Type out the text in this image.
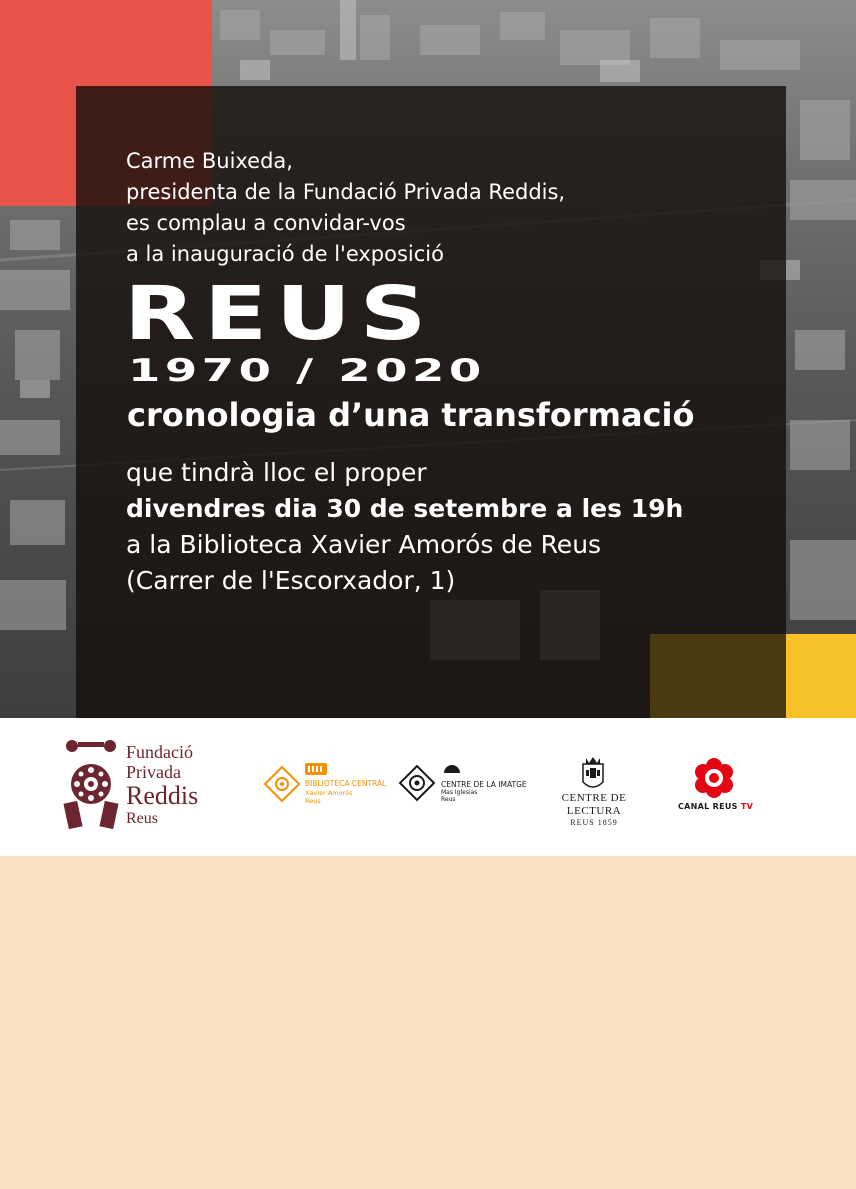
Carme Buixeda,
presidenta de la Fundació Privada Reddis,
es complau a convidar-vos
a la inauguració de l'exposició
REUS
1970 / 2020
cronologia d’una transformació
que tindrà lloc el proper
divendres dia 30 de setembre a les 19h
a la Biblioteca Xavier Amorós de Reus
(Carrer de l'Escorxador, 1)
Fundació
Privada
Reddis
Reus
BIBLIOTECA CENTRAL
Xavier Amorós
Reus
CENTRE DE LA IMATGE
Mas Iglesias
Reus	CENTRE DE LECTURA
REUS 1859
CANAL REUS TV
